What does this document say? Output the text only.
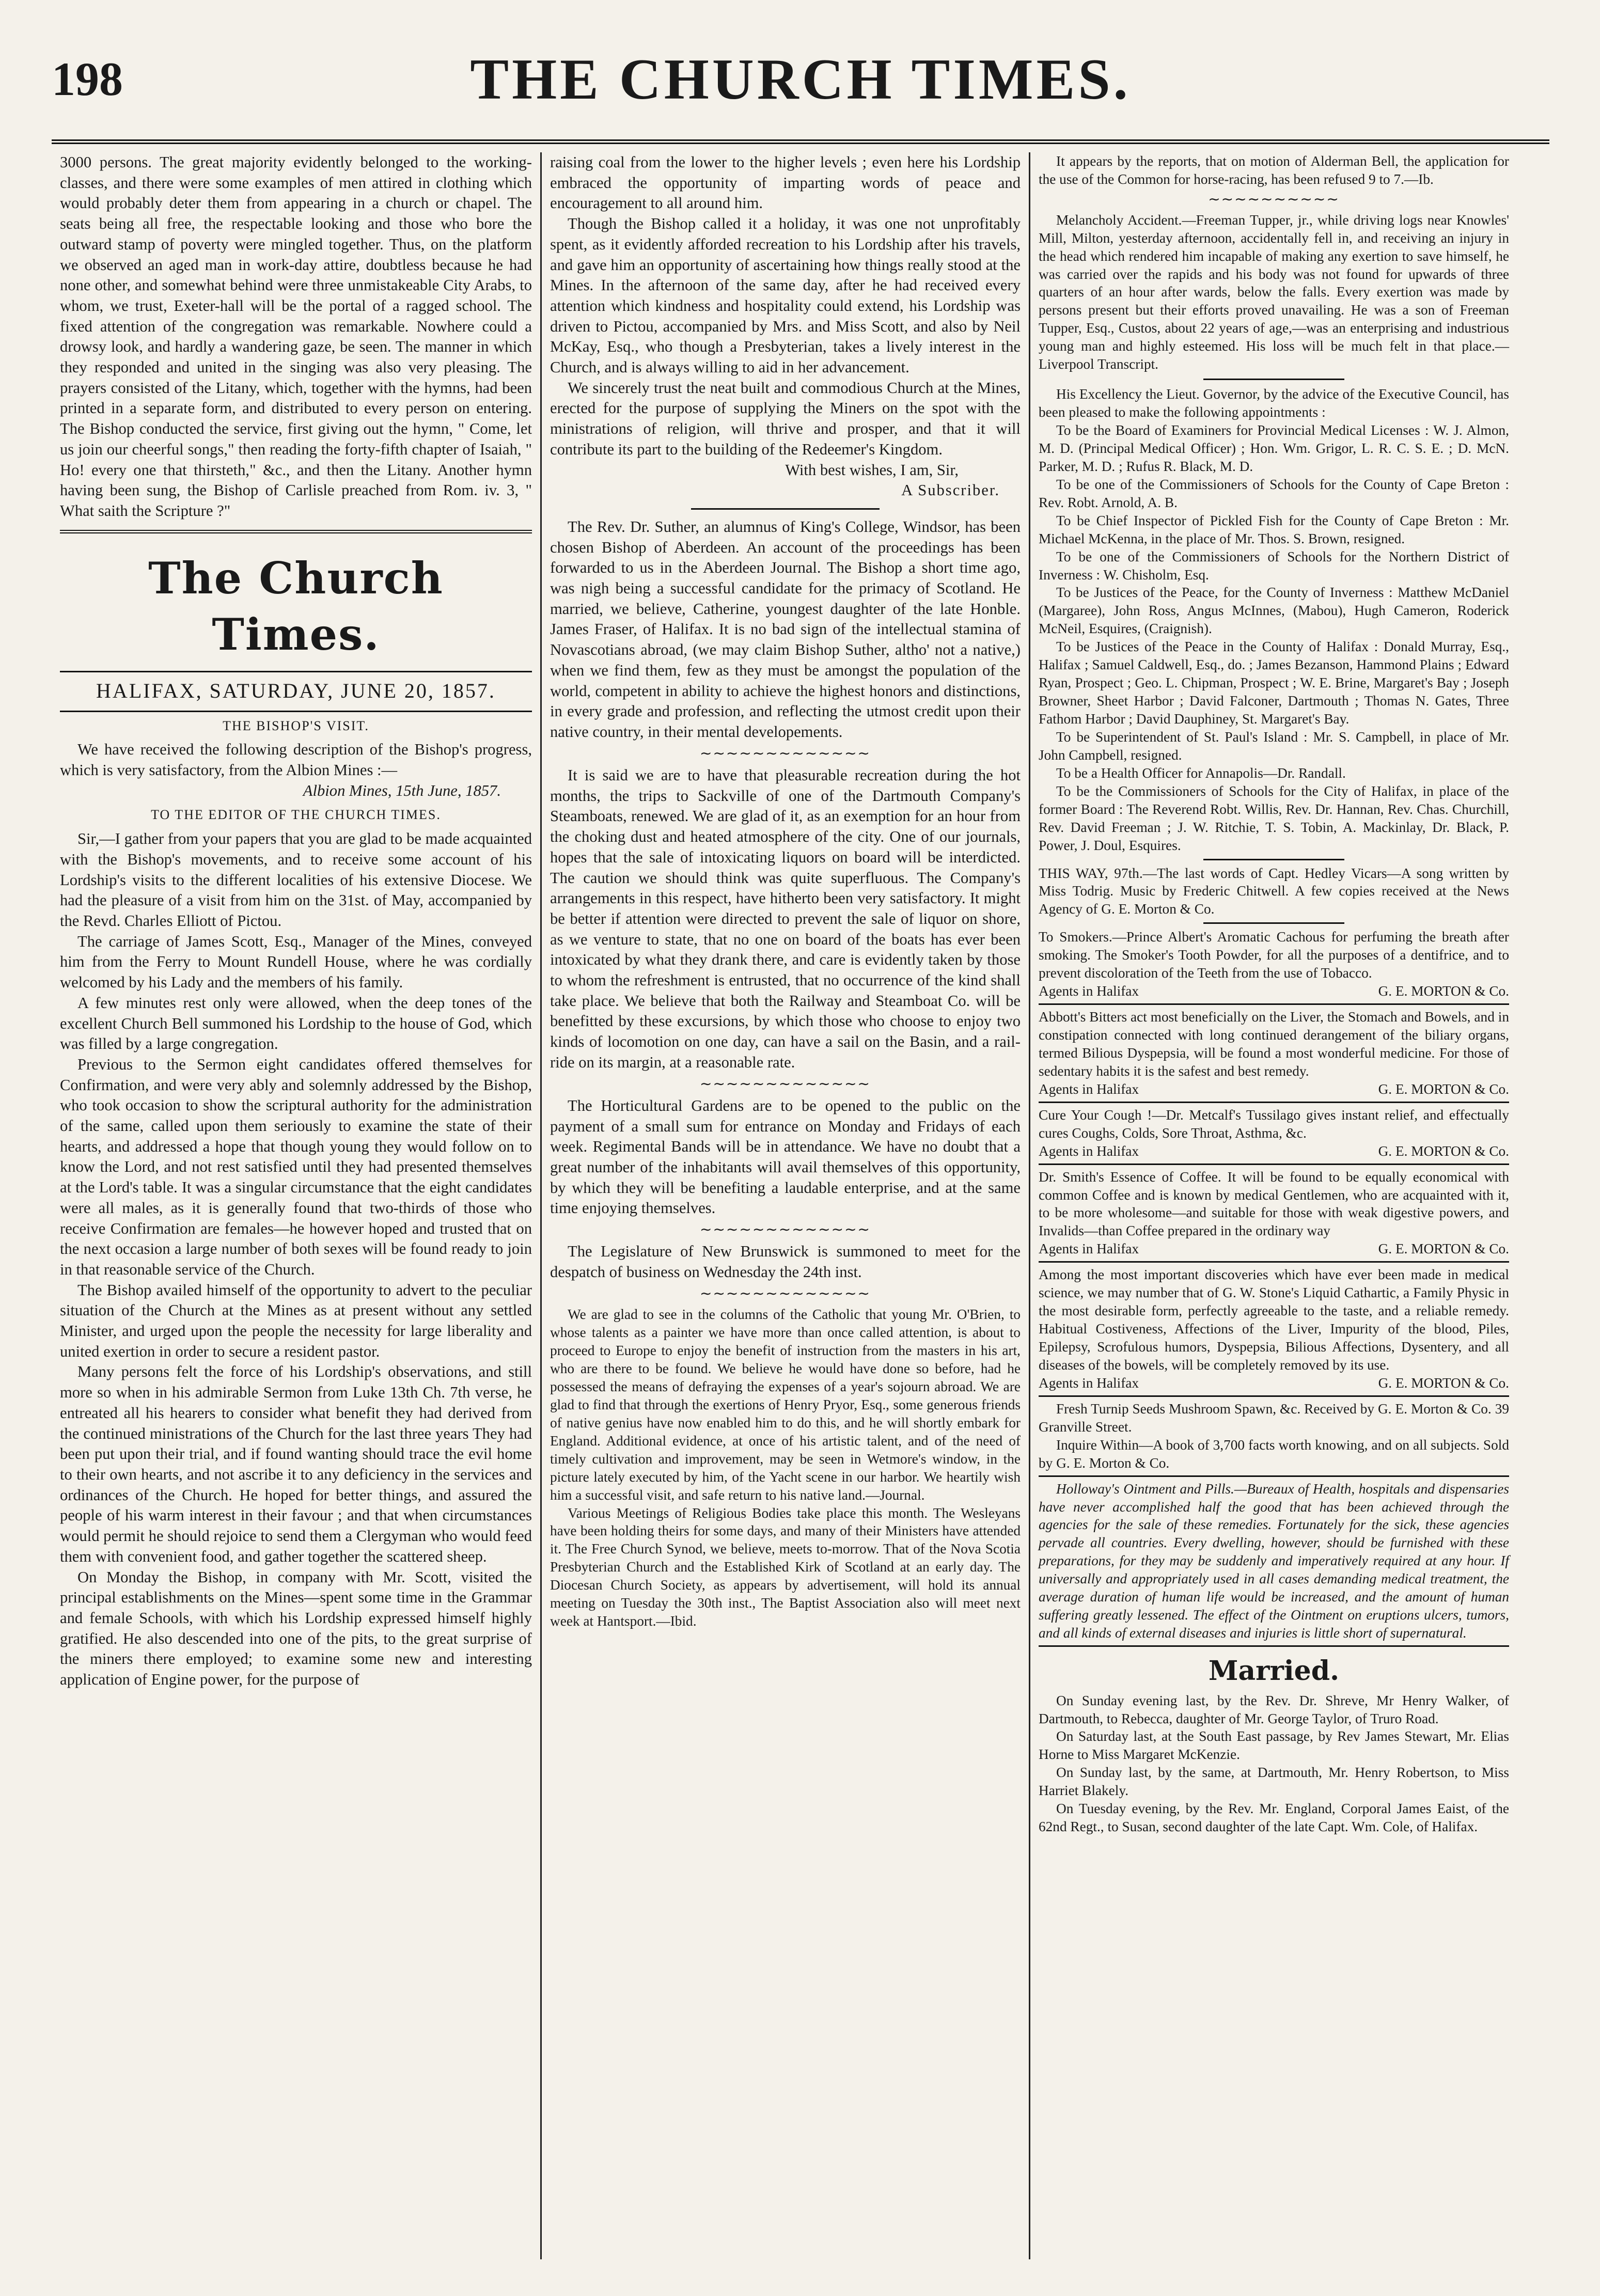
198	THE CHURCH TIMES.

3000 persons. The great majority evidently belonged to the working-classes, and there were some examples of men attired in clothing which would probably deter them from appearing in a church or chapel. The seats being all free, the respectable looking and those who bore the outward stamp of poverty were mingled together. Thus, on the platform we observed an aged man in work-day attire, doubtless because he had none other, and somewhat behind were three unmistakeable City Arabs, to whom, we trust, Exeter-hall will be the portal of a ragged school. The fixed attention of the congregation was remarkable. Nowhere could a drowsy look, and hardly a wandering gaze, be seen. The manner in which they responded and united in the singing was also very pleasing. The prayers consisted of the Litany, which, together with the hymns, had been printed in a separate form, and distributed to every person on entering. The Bishop conducted the service, first giving out the hymn, " Come, let us join our cheerful songs," then reading the forty-fifth chapter of Isaiah, " Ho! every one that thirsteth," &c., and then the Litany. Another hymn having been sung, the Bishop of Carlisle preached from Rom. iv. 3, " What saith the Scripture ?"

The Church Times.
HALIFAX, SATURDAY, JUNE 20, 1857.
THE BISHOP'S VISIT.

We have received the following description of the Bishop's progress, which is very satisfactory, from the Albion Mines :—

Albion Mines, 15th June, 1857.

TO THE EDITOR OF THE CHURCH TIMES.

Sir,—I gather from your papers that you are glad to be made acquainted with the Bishop's movements, and to receive some account of his Lordship's visits to the different localities of his extensive Diocese. We had the pleasure of a visit from him on the 31st. of May, accompanied by the Revd. Charles Elliott of Pictou.

The carriage of James Scott, Esq., Manager of the Mines, conveyed him from the Ferry to Mount Rundell House, where he was cordially welcomed by his Lady and the members of his family.

A few minutes rest only were allowed, when the deep tones of the excellent Church Bell summoned his Lordship to the house of God, which was filled by a large congregation.

Previous to the Sermon eight candidates offered themselves for Confirmation, and were very ably and solemnly addressed by the Bishop, who took occasion to show the scriptural authority for the administration of the same, called upon them seriously to examine the state of their hearts, and addressed a hope that though young they would follow on to know the Lord, and not rest satisfied until they had presented themselves at the Lord's table. It was a singular circumstance that the eight candidates were all males, as it is generally found that two-thirds of those who receive Confirmation are females—he however hoped and trusted that on the next occasion a large number of both sexes will be found ready to join in that reasonable service of the Church.

The Bishop availed himself of the opportunity to advert to the peculiar situation of the Church at the Mines as at present without any settled Minister, and urged upon the people the necessity for large liberality and united exertion in order to secure a resident pastor.

Many persons felt the force of his Lordship's observations, and still more so when in his admirable Sermon from Luke 13th Ch. 7th verse, he entreated all his hearers to consider what benefit they had derived from the continued ministrations of the Church for the last three years They had been put upon their trial, and if found wanting should trace the evil home to their own hearts, and not ascribe it to any deficiency in the services and ordinances of the Church. He hoped for better things, and assured the people of his warm interest in their favour ; and that when circumstances would permit he should rejoice to send them a Clergyman who would feed them with convenient food, and gather together the scattered sheep.

On Monday the Bishop, in company with Mr. Scott, visited the principal establishments on the Mines—spent some time in the Grammar and female Schools, with which his Lordship expressed himself highly gratified. He also descended into one of the pits, to the great surprise of the miners there employed; to examine some new and interesting application of Engine power, for the purpose of

raising coal from the lower to the higher levels ; even here his Lordship embraced the opportunity of imparting words of peace and encouragement to all around him.

Though the Bishop called it a holiday, it was one not unprofitably spent, as it evidently afforded recreation to his Lordship after his travels, and gave him an opportunity of ascertaining how things really stood at the Mines. In the afternoon of the same day, after he had received every attention which kindness and hospitality could extend, his Lordship was driven to Pictou, accompanied by Mrs. and Miss Scott, and also by Neil McKay, Esq., who though a Presbyterian, takes a lively interest in the Church, and is always willing to aid in her advancement.

We sincerely trust the neat built and commodious Church at the Mines, erected for the purpose of supplying the Miners on the spot with the ministrations of religion, will thrive and prosper, and that it will contribute its part to the building of the Redeemer's Kingdom.

With best wishes, I am, Sir,

A Subscriber.

The Rev. Dr. Suther, an alumnus of King's College, Windsor, has been chosen Bishop of Aberdeen. An account of the proceedings has been forwarded to us in the Aberdeen Journal. The Bishop a short time ago, was nigh being a successful candidate for the primacy of Scotland. He married, we believe, Catherine, youngest daughter of the late Honble. James Fraser, of Halifax. It is no bad sign of the intellectual stamina of Novascotians abroad, (we may claim Bishop Suther, altho' not a native,) when we find them, few as they must be amongst the population of the world, competent in ability to achieve the highest honors and distinctions, in every grade and profession, and reflecting the utmost credit upon their native country, in their mental developements.

∼∼∼∼∼∼∼∼∼∼∼∼∼

It is said we are to have that pleasurable recreation during the hot months, the trips to Sackville of one of the Dartmouth Company's Steamboats, renewed. We are glad of it, as an exemption for an hour from the choking dust and heated atmosphere of the city. One of our journals, hopes that the sale of intoxicating liquors on board will be interdicted. The caution we should think was quite superfluous. The Company's arrangements in this respect, have hitherto been very satisfactory. It might be better if attention were directed to prevent the sale of liquor on shore, as we venture to state, that no one on board of the boats has ever been intoxicated by what they drank there, and care is evidently taken by those to whom the refreshment is entrusted, that no occurrence of the kind shall take place. We believe that both the Railway and Steamboat Co. will be benefitted by these excursions, by which those who choose to enjoy two kinds of locomotion on one day, can have a sail on the Basin, and a rail-ride on its margin, at a reasonable rate.

∼∼∼∼∼∼∼∼∼∼∼∼∼

The Horticultural Gardens are to be opened to the public on the payment of a small sum for entrance on Monday and Fridays of each week. Regimental Bands will be in attendance. We have no doubt that a great number of the inhabitants will avail themselves of this opportunity, by which they will be benefiting a laudable enterprise, and at the same time enjoying themselves.

∼∼∼∼∼∼∼∼∼∼∼∼∼

The Legislature of New Brunswick is summoned to meet for the despatch of business on Wednesday the 24th inst.

∼∼∼∼∼∼∼∼∼∼∼∼∼

We are glad to see in the columns of the Catholic that young Mr. O'Brien, to whose talents as a painter we have more than once called attention, is about to proceed to Europe to enjoy the benefit of instruction from the masters in his art, who are there to be found. We believe he would have done so before, had he possessed the means of defraying the expenses of a year's sojourn abroad. We are glad to find that through the exertions of Henry Pryor, Esq., some generous friends of native genius have now enabled him to do this, and he will shortly embark for England. Additional evidence, at once of his artistic talent, and of the need of timely cultivation and improvement, may be seen in Wetmore's window, in the picture lately executed by him, of the Yacht scene in our harbor. We heartily wish him a successful visit, and safe return to his native land.—Journal.

Various Meetings of Religious Bodies take place this month. The Wesleyans have been holding theirs for some days, and many of their Ministers have attended it. The Free Church Synod, we believe, meets to-morrow. That of the Nova Scotia Presbyterian Church and the Established Kirk of Scotland at an early day. The Diocesan Church Society, as appears by advertisement, will hold its annual meeting on Tuesday the 30th inst., The Baptist Association also will meet next week at Hantsport.—Ibid.

It appears by the reports, that on motion of Alderman Bell, the application for the use of the Common for horse-racing, has been refused 9 to 7.—Ib.

∼∼∼∼∼∼∼∼∼∼

Melancholy Accident.—Freeman Tupper, jr., while driving logs near Knowles' Mill, Milton, yesterday afternoon, accidentally fell in, and receiving an injury in the head which rendered him incapable of making any exertion to save himself, he was carried over the rapids and his body was not found for upwards of three quarters of an hour after wards, below the falls. Every exertion was made by persons present but their efforts proved unavailing. He was a son of Freeman Tupper, Esq., Custos, about 22 years of age,—was an enterprising and industrious young man and highly esteemed. His loss will be much felt in that place.—Liverpool Transcript.

His Excellency the Lieut. Governor, by the advice of the Executive Council, has been pleased to make the following appointments :

To be the Board of Examiners for Provincial Medical Licenses : W. J. Almon, M. D. (Principal Medical Officer) ; Hon. Wm. Grigor, L. R. C. S. E. ; D. McN. Parker, M. D. ; Rufus R. Black, M. D.

To be one of the Commissioners of Schools for the County of Cape Breton : Rev. Robt. Arnold, A. B.

To be Chief Inspector of Pickled Fish for the County of Cape Breton : Mr. Michael McKenna, in the place of Mr. Thos. S. Brown, resigned.

To be one of the Commissioners of Schools for the Northern District of Inverness : W. Chisholm, Esq.

To be Justices of the Peace, for the County of Inverness : Matthew McDaniel (Margaree), John Ross, Angus McInnes, (Mabou), Hugh Cameron, Roderick McNeil, Esquires, (Craignish).

To be Justices of the Peace in the County of Halifax : Donald Murray, Esq., Halifax ; Samuel Caldwell, Esq., do. ; James Bezanson, Hammond Plains ; Edward Ryan, Prospect ; Geo. L. Chipman, Prospect ; W. E. Brine, Margaret's Bay ; Joseph Browner, Sheet Harbor ; David Falconer, Dartmouth ; Thomas N. Gates, Three Fathom Harbor ; David Dauphiney, St. Margaret's Bay.

To be Superintendent of St. Paul's Island : Mr. S. Campbell, in place of Mr. John Campbell, resigned.

To be a Health Officer for Annapolis—Dr. Randall.

To be the Commissioners of Schools for the City of Halifax, in place of the former Board : The Reverend Robt. Willis, Rev. Dr. Hannan, Rev. Chas. Churchill, Rev. David Freeman ; J. W. Ritchie, T. S. Tobin, A. Mackinlay, Dr. Black, P. Power, J. Doul, Esquires.

THIS WAY, 97th.—The last words of Capt. Hedley Vicars—A song written by Miss Todrig. Music by Frederic Chitwell. A few copies received at the News Agency of G. E. Morton & Co.

To Smokers.—Prince Albert's Aromatic Cachous for perfuming the breath after smoking. The Smoker's Tooth Powder, for all the purposes of a dentifrice, and to prevent discoloration of the Teeth from the use of Tobacco.

Agents in Halifax	G. E. MORTON & Co.

Abbott's Bitters act most beneficially on the Liver, the Stomach and Bowels, and in constipation connected with long continued derangement of the biliary organs, termed Bilious Dyspepsia, will be found a most wonderful medicine. For those of sedentary habits it is the safest and best remedy.

Agents in Halifax	G. E. MORTON & Co.

Cure Your Cough !—Dr. Metcalf's Tussilago gives instant relief, and effectually cures Coughs, Colds, Sore Throat, Asthma, &c.

Agents in Halifax	G. E. MORTON & Co.

Dr. Smith's Essence of Coffee. It will be found to be equally economical with common Coffee and is known by medical Gentlemen, who are acquainted with it, to be more wholesome—and suitable for those with weak digestive powers, and Invalids—than Coffee prepared in the ordinary way

Agents in Halifax	G. E. MORTON & Co.

Among the most important discoveries which have ever been made in medical science, we may number that of G. W. Stone's Liquid Cathartic, a Family Physic in the most desirable form, perfectly agreeable to the taste, and a reliable remedy. Habitual Costiveness, Affections of the Liver, Impurity of the blood, Piles, Epilepsy, Scrofulous humors, Dyspepsia, Bilious Affections, Dysentery, and all diseases of the bowels, will be completely removed by its use.

Agents in Halifax	G. E. MORTON & Co.

Fresh Turnip Seeds Mushroom Spawn, &c. Received by G. E. Morton & Co. 39 Granville Street.

Inquire Within—A book of 3,700 facts worth knowing, and on all subjects. Sold by G. E. Morton & Co.

Holloway's Ointment and Pills.—Bureaux of Health, hospitals and dispensaries have never accomplished half the good that has been achieved through the agencies for the sale of these remedies. Fortunately for the sick, these agencies pervade all countries. Every dwelling, however, should be furnished with these preparations, for they may be suddenly and imperatively required at any hour. If universally and appropriately used in all cases demanding medical treatment, the average duration of human life would be increased, and the amount of human suffering greatly lessened. The effect of the Ointment on eruptions ulcers, tumors, and all kinds of external diseases and injuries is little short of supernatural.

Married.

On Sunday evening last, by the Rev. Dr. Shreve, Mr Henry Walker, of Dartmouth, to Rebecca, daughter of Mr. George Taylor, of Truro Road.

On Saturday last, at the South East passage, by Rev James Stewart, Mr. Elias Horne to Miss Margaret McKenzie.

On Sunday last, by the same, at Dartmouth, Mr. Henry Robertson, to Miss Harriet Blakely.

On Tuesday evening, by the Rev. Mr. England, Corporal James Eaist, of the 62nd Regt., to Susan, second daughter of the late Capt. Wm. Cole, of Halifax.
